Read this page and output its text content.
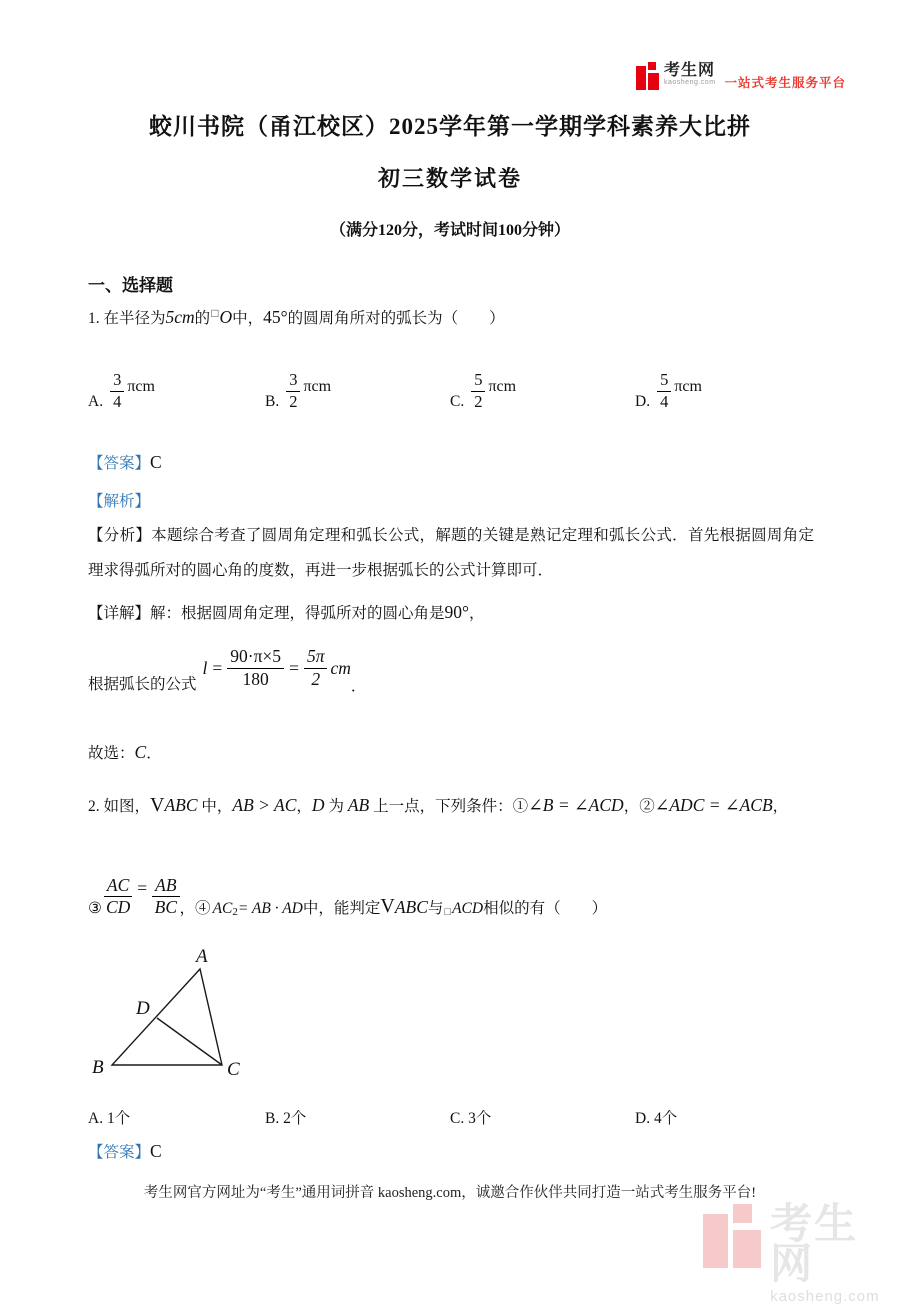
考生网
kaosheng.com 一站式考生服务平台
蛟川书院（甬江校区）2025学年第一学期学科素养大比拼
初三数学试卷
（满分120分，考试时间100分钟）
一、选择题
1. 在半径为5cm的□O中，45°的圆周角所对的弧长为（　　）
A. $\frac{3}{4}$ πcm
B. $\frac{3}{2}$ πcm
C. $\frac{5}{2}$ πcm
D. $\frac{5}{4}$ πcm
【答案】C
【解析】
【分析】本题综合考查了圆周角定理和弧长公式，解题的关键是熟记定理和弧长公式．首先根据圆周角定理求得弧所对的圆心角的度数，再进一步根据弧长的公式计算即可．
【详解】解：根据圆周角定理，得弧所对的圆心角是90°，
根据弧长的公式
$l = \frac{90\cdot\pi\times 5}{180} = \frac{5\pi}{2}$ cm
．
故选：C．
2. 如图，VABC 中，AB > AC，D 为 AB 上一点，下列条件：①∠B = ∠ACD，②∠ADC = ∠ACB，
③ $\frac{AC}{CD} = \frac{AB}{BC}$ ，④ AC 2 = AB · AD 中，能判定 V ABC 与 □ ACD 相似的有（　　）
A
B	C
D
A. 1个	B. 2个	C. 3个	D. 4个
【答案】C
考生网官方网址为“考生”通用词拼音 kaosheng.com，诚邀合作伙伴共同打造一站式考生服务平台!
考生网
kaosheng.com
